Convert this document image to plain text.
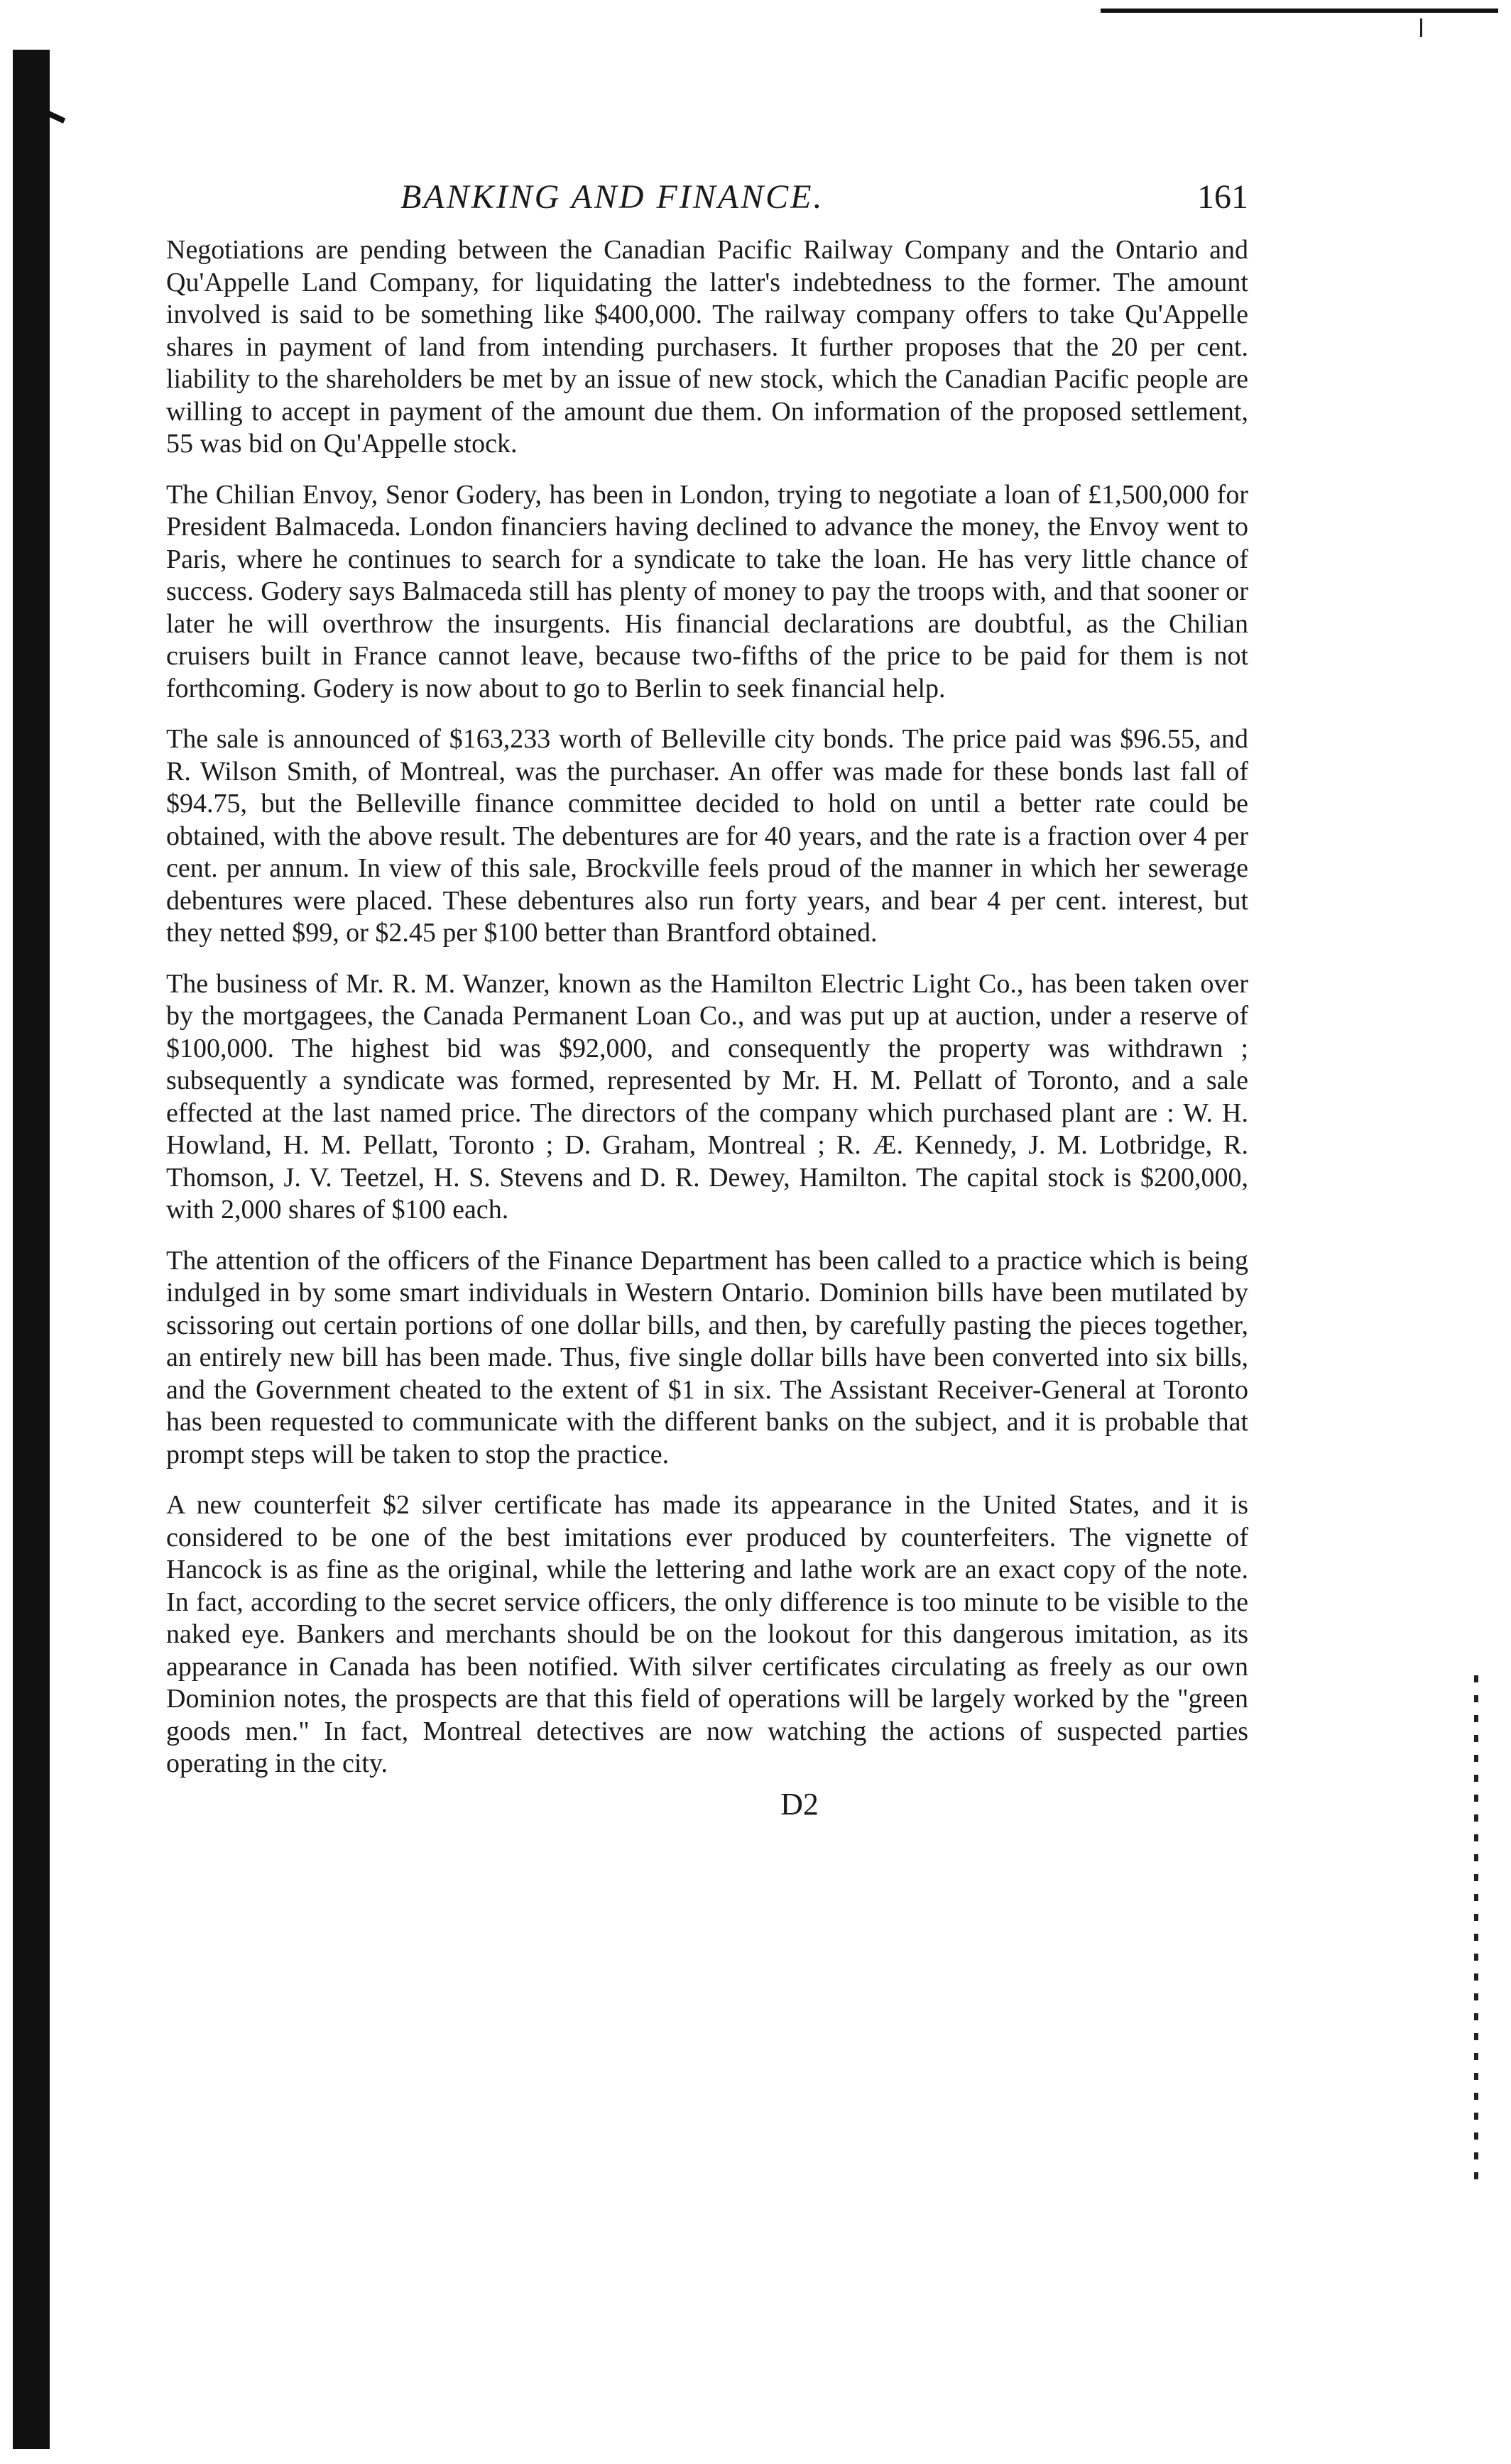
BANKING AND FINANCE.	161

Negotiations are pending between the Canadian Pacific Railway Company and the Ontario and Qu'Appelle Land Company, for liquidating the latter's indebtedness to the former. The amount involved is said to be something like $400,000. The railway company offers to take Qu'Appelle shares in payment of land from intending purchasers. It further proposes that the 20 per cent. liability to the shareholders be met by an issue of new stock, which the Canadian Pacific people are willing to accept in payment of the amount due them. On information of the proposed settlement, 55 was bid on Qu'Appelle stock.

The Chilian Envoy, Senor Godery, has been in London, trying to negotiate a loan of £1,500,000 for President Balmaceda. London financiers having declined to advance the money, the Envoy went to Paris, where he continues to search for a syndicate to take the loan. He has very little chance of success. Godery says Balmaceda still has plenty of money to pay the troops with, and that sooner or later he will overthrow the insurgents. His financial declarations are doubtful, as the Chilian cruisers built in France cannot leave, because two-fifths of the price to be paid for them is not forthcoming. Godery is now about to go to Berlin to seek financial help.

The sale is announced of $163,233 worth of Belleville city bonds. The price paid was $96.55, and R. Wilson Smith, of Montreal, was the purchaser. An offer was made for these bonds last fall of $94.75, but the Belleville finance committee decided to hold on until a better rate could be obtained, with the above result. The debentures are for 40 years, and the rate is a fraction over 4 per cent. per annum. In view of this sale, Brockville feels proud of the manner in which her sewerage debentures were placed. These debentures also run forty years, and bear 4 per cent. interest, but they netted $99, or $2.45 per $100 better than Brantford obtained.

The business of Mr. R. M. Wanzer, known as the Hamilton Electric Light Co., has been taken over by the mortgagees, the Canada Permanent Loan Co., and was put up at auction, under a reserve of $100,000. The highest bid was $92,000, and consequently the property was withdrawn ; subsequently a syndicate was formed, represented by Mr. H. M. Pellatt of Toronto, and a sale effected at the last named price. The directors of the company which purchased plant are : W. H. Howland, H. M. Pellatt, Toronto ; D. Graham, Montreal ; R. Æ. Kennedy, J. M. Lotbridge, R. Thomson, J. V. Teetzel, H. S. Stevens and D. R. Dewey, Hamilton. The capital stock is $200,000, with 2,000 shares of $100 each.

The attention of the officers of the Finance Department has been called to a practice which is being indulged in by some smart individuals in Western Ontario. Dominion bills have been mutilated by scissoring out certain portions of one dollar bills, and then, by carefully pasting the pieces together, an entirely new bill has been made. Thus, five single dollar bills have been converted into six bills, and the Government cheated to the extent of $1 in six. The Assistant Receiver-General at Toronto has been requested to communicate with the different banks on the subject, and it is probable that prompt steps will be taken to stop the practice.

A new counterfeit $2 silver certificate has made its appearance in the United States, and it is considered to be one of the best imitations ever produced by counterfeiters. The vignette of Hancock is as fine as the original, while the lettering and lathe work are an exact copy of the note. In fact, according to the secret service officers, the only difference is too minute to be visible to the naked eye. Bankers and merchants should be on the lookout for this dangerous imitation, as its appearance in Canada has been notified. With silver certificates circulating as freely as our own Dominion notes, the prospects are that this field of operations will be largely worked by the "green goods men." In fact, Montreal detectives are now watching the actions of suspected parties operating in the city.

D2
